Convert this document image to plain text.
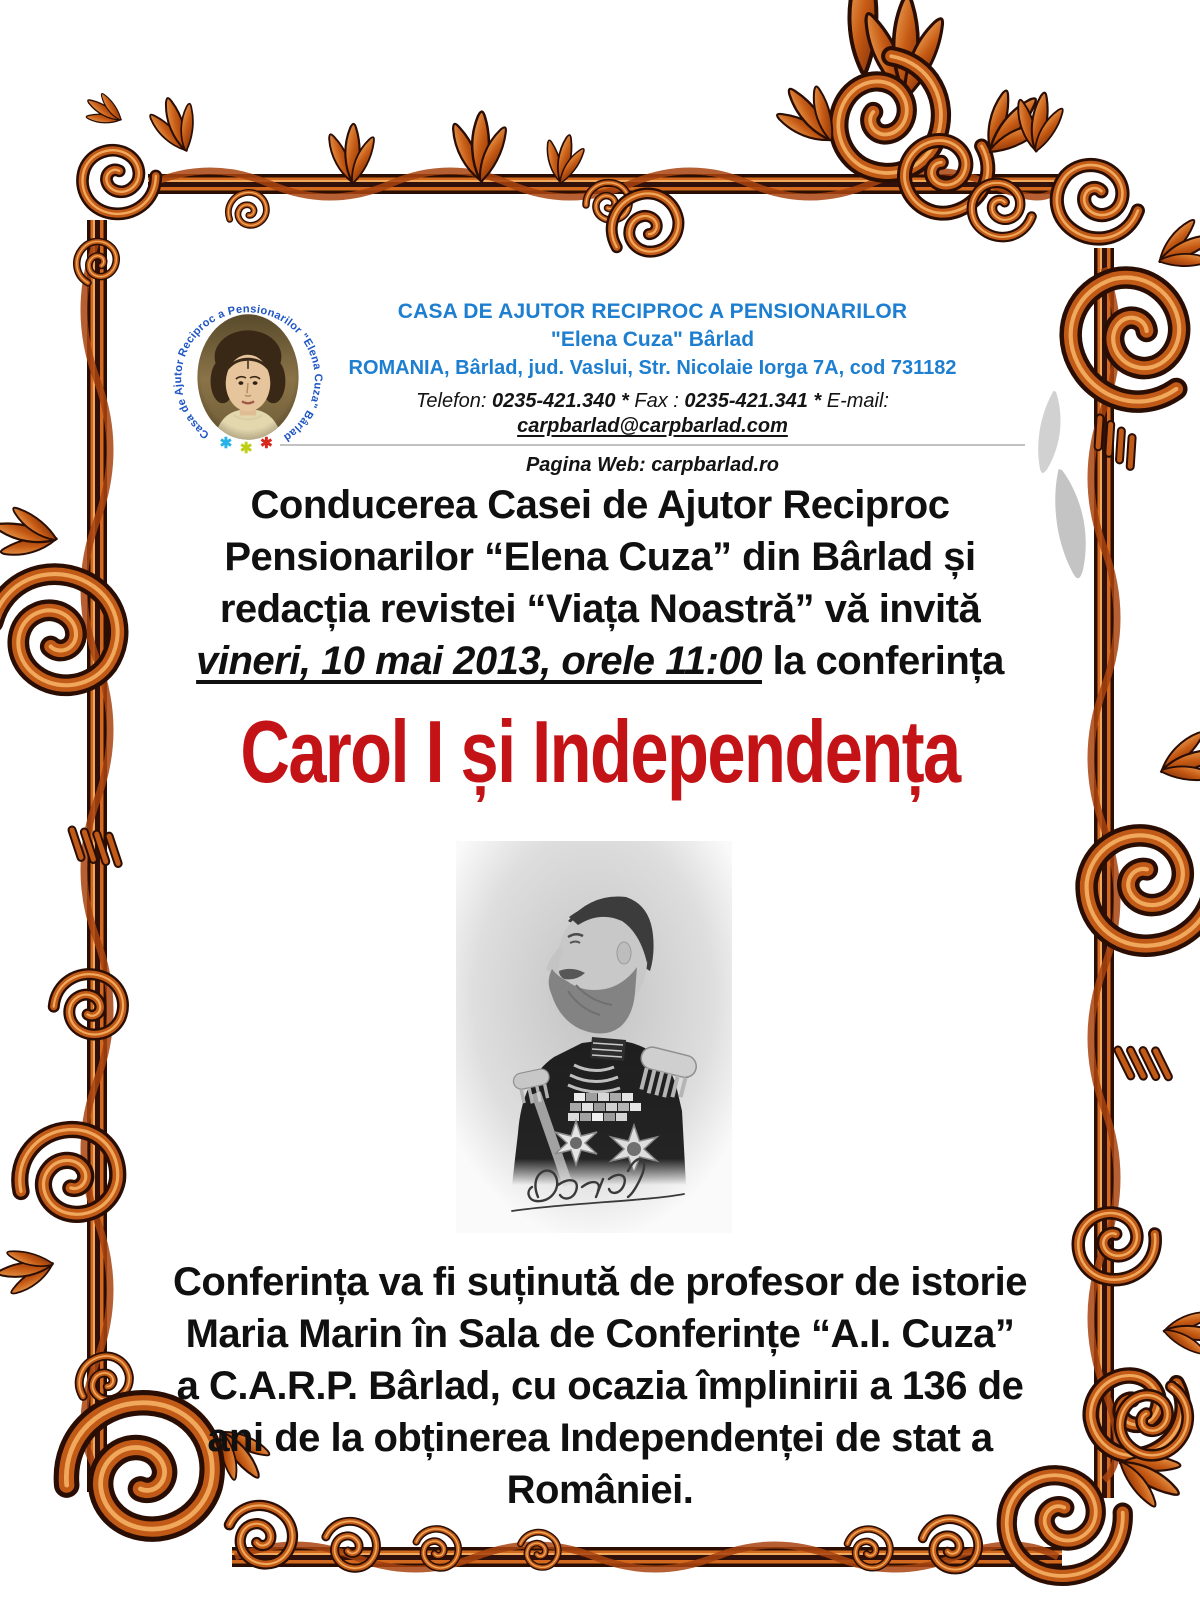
Casa de Ajutor Reciproc a Pensionarilor "Elena Cuza" Bârlad
✱ ✱ ✱
CASA DE AJUTOR RECIPROC A PENSIONARILOR
"Elena Cuza" Bârlad
ROMANIA, Bârlad, jud. Vaslui, Str. Nicolaie Iorga 7A, cod 731182
Telefon: 0235-421.340 * Fax : 0235-421.341 * E-mail: carpbarlad@carpbarlad.com
Pagina Web: carpbarlad.ro
Conducerea Casei de Ajutor Reciproc
Pensionarilor “Elena Cuza” din Bârlad și
redacția revistei “Viața Noastră” vă invită
vineri, 10 mai 2013, orele 11:00 la conferința
Carol I și Independența
Conferința va fi suținută de profesor de istorie
Maria Marin în Sala de Conferințe “A.I. Cuza”
a C.A.R.P. Bârlad, cu ocazia împlinirii a 136 de
ani de la obținerea Independenței de stat a
României.
